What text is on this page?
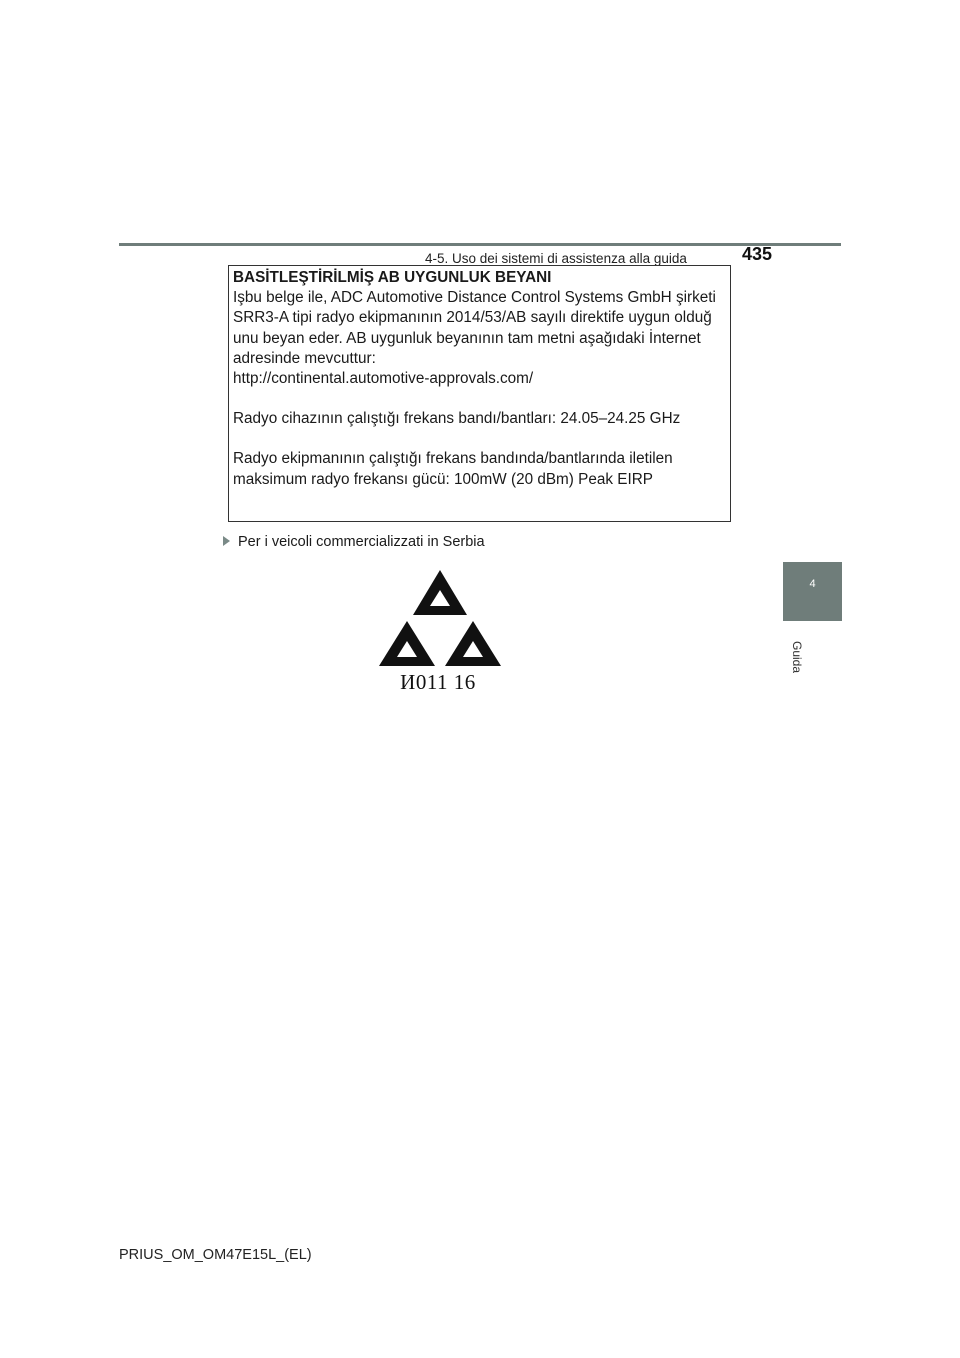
4-5. Uso dei sistemi di assistenza alla guida	435
4
Guida

BASİTLEŞTİRİLMİŞ AB UYGUNLUK BEYANI

Işbu belge ile, ADC Automotive Distance Control Systems GmbH şirketi

SRR3-A tipi radyo ekipmanının 2014/53/AB sayılı direktife uygun olduğ

unu beyan eder. AB uygunluk beyanının tam metni aşağıdaki İnternet

adresinde mevcuttur:

http://continental.automotive-approvals.com/

Radyo cihazının çalıştığı frekans bandı/bantları: 24.05–24.25 GHz

Radyo ekipmanının çalıştığı frekans bandında/bantlarında iletilen

maksimum radyo frekansı gücü: 100mW (20 dBm) Peak EIRP

Per i veicoli commercializzati in Serbia
И011 16
PRIUS_OM_OM47E15L_(EL)
